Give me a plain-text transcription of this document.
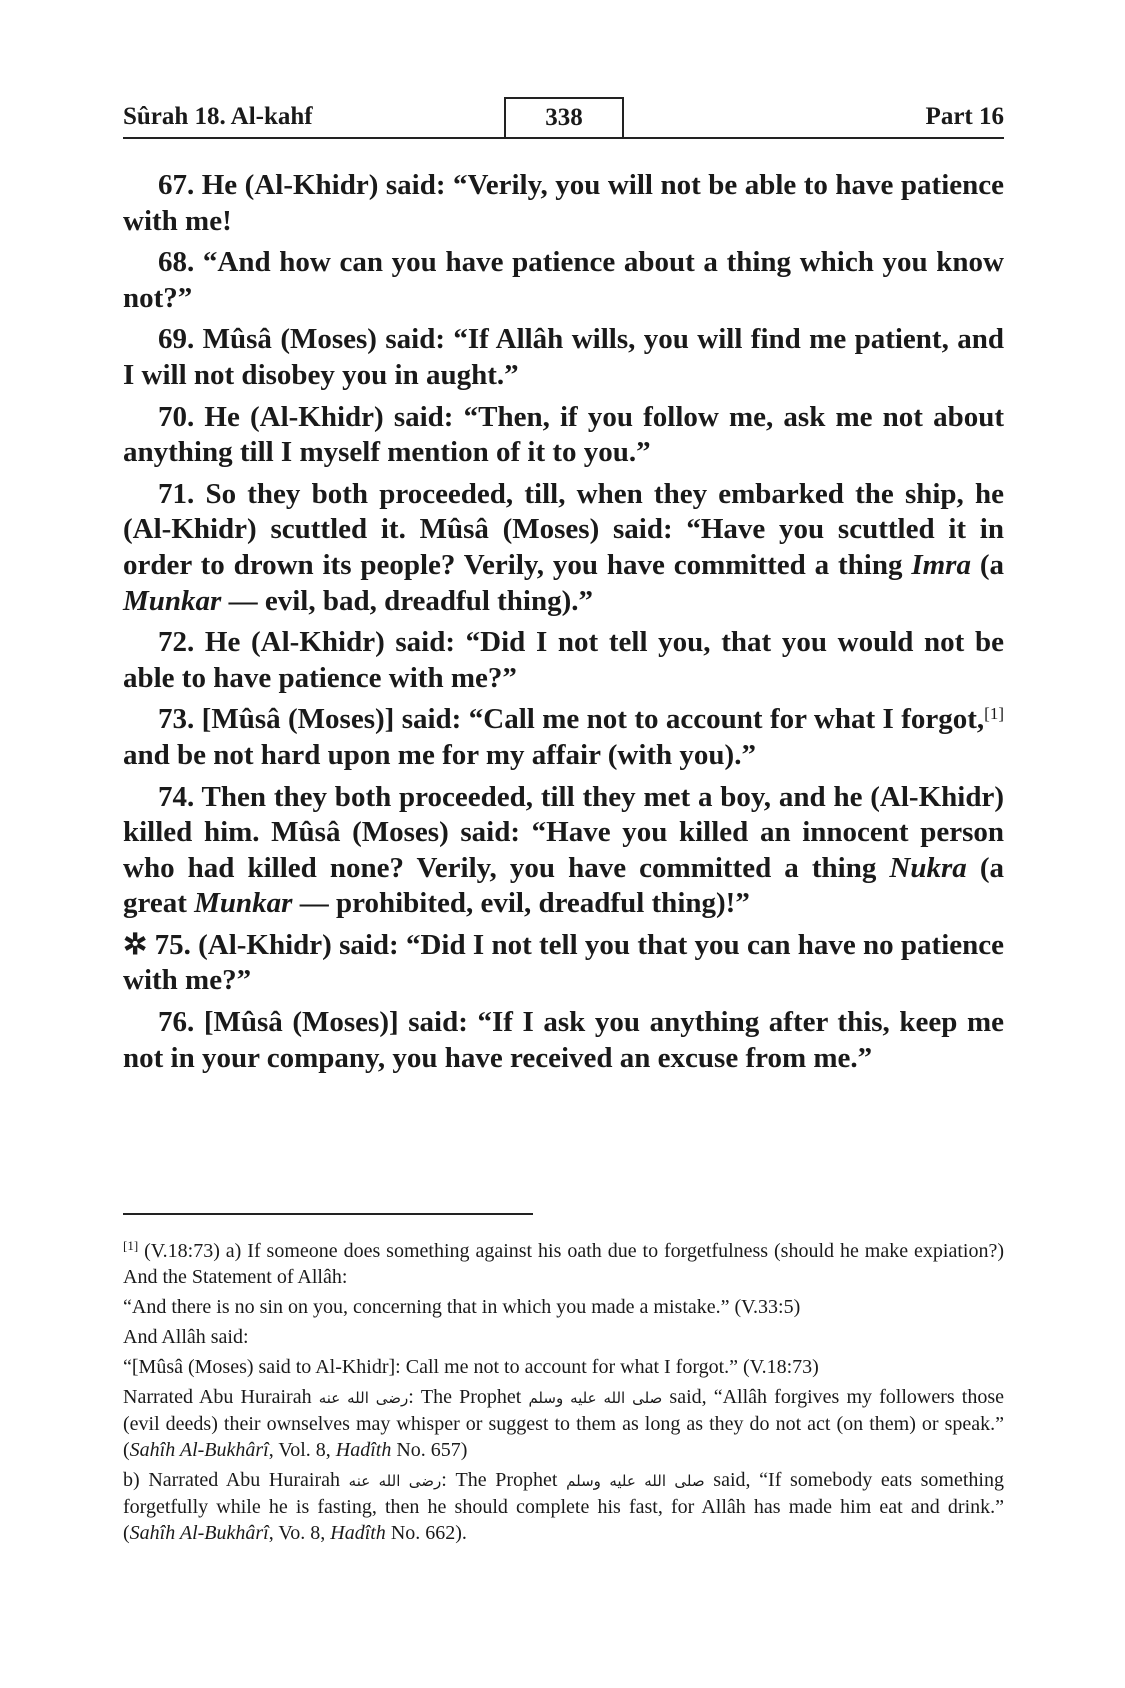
Sûrah 18. Al-kahf	338	Part 16

67. He (Al-Khidr) said: “Verily, you will not be able to have patience with me!

68. “And how can you have patience about a thing which you know not?”

69. Mûsâ (Moses) said: “If Allâh wills, you will find me patient, and I will not disobey you in aught.”

70. He (Al-Khidr) said: “Then, if you follow me, ask me not about anything till I myself mention of it to you.”

71. So they both proceeded, till, when they embarked the ship, he (Al-Khidr) scuttled it. Mûsâ (Moses) said: “Have you scuttled it in order to drown its people? Verily, you have committed a thing Imra (a Munkar — evil, bad, dreadful thing).”

72. He (Al-Khidr) said: “Did I not tell you, that you would not be able to have patience with me?”

73. [Mûsâ (Moses)] said: “Call me not to account for what I forgot,[1] and be not hard upon me for my affair (with you).”

74. Then they both proceeded, till they met a boy, and he (Al-Khidr) killed him. Mûsâ (Moses) said: “Have you killed an innocent person who had killed none? Verily, you have committed a thing Nukra (a great Munkar — prohibited, evil, dreadful thing)!”

✲ 75. (Al-Khidr) said: “Did I not tell you that you can have no patience with me?”

76. [Mûsâ (Moses)] said: “If I ask you anything after this, keep me not in your company, you have received an excuse from me.”

[1] (V.18:73) a) If someone does something against his oath due to forgetfulness (should he make expiation?) And the Statement of Allâh:

“And there is no sin on you, concerning that in which you made a mistake.” (V.33:5)

And Allâh said:

“[Mûsâ (Moses) said to Al-Khidr]: Call me not to account for what I forgot.” (V.18:73)

Narrated Abu Hurairah رضى الله عنه: The Prophet صلى الله عليه وسلم said, “Allâh forgives my followers those (evil deeds) their ownselves may whisper or suggest to them as long as they do not act (on them) or speak.” (Sahîh Al-Bukhârî, Vol. 8, Hadîth No. 657)

b) Narrated Abu Hurairah رضى الله عنه: The Prophet صلى الله عليه وسلم said, “If somebody eats something forgetfully while he is fasting, then he should complete his fast, for Allâh has made him eat and drink.” (Sahîh Al-Bukhârî, Vo. 8, Hadîth No. 662).
